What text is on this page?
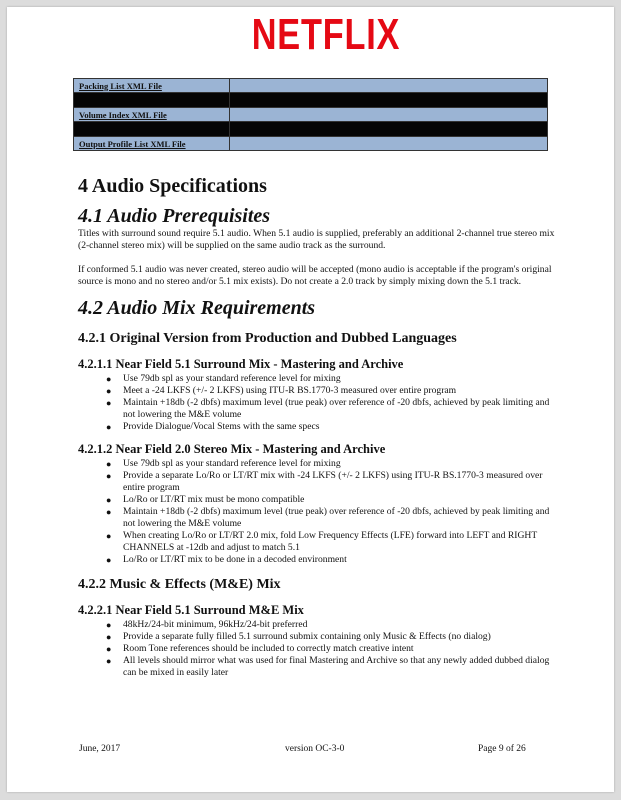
NETFLIX
Packing List XML File	

Volume Index XML File	

Output Profile List XML File	
4 Audio Specifications
4.1 Audio Prerequisites

Titles with surround sound require 5.1 audio. When 5.1 audio is supplied, preferably an additional 2-channel true stereo mix (2-channel stereo mix) will be supplied on the same audio track as the surround.

If conformed 5.1 audio was never created, stereo audio will be accepted (mono audio is acceptable if the program's original source is mono and no stereo and/or 5.1 mix exists). Do not create a 2.0 track by simply mixing down the 5.1 track.

4.2 Audio Mix Requirements
4.2.1 Original Version from Production and Dubbed Languages
4.2.1.1 Near Field 5.1 Surround Mix - Mastering and Archive
● Use 79db spl as your standard reference level for mixing
● Meet a -24 LKFS (+/- 2 LKFS) using ITU-R BS.1770-3 measured over entire program
● Maintain +18db (-2 dbfs) maximum level (true peak) over reference of -20 dbfs, achieved by peak limiting and not lowering the M&E volume
● Provide Dialogue/Vocal Stems with the same specs
4.2.1.2 Near Field 2.0 Stereo Mix - Mastering and Archive
● Use 79db spl as your standard reference level for mixing
● Provide a separate Lo/Ro or LT/RT mix with -24 LKFS (+/- 2 LKFS) using ITU-R BS.1770-3 measured over entire program
● Lo/Ro or LT/RT mix must be mono compatible
● Maintain +18db (-2 dbfs) maximum level (true peak) over reference of -20 dbfs, achieved by peak limiting and not lowering the M&E volume
● When creating Lo/Ro or LT/RT 2.0 mix, fold Low Frequency Effects (LFE) forward into LEFT and RIGHT CHANNELS at -12db and adjust to match 5.1
● Lo/Ro or LT/RT mix to be done in a decoded environment
4.2.2 Music & Effects (M&E) Mix
4.2.2.1 Near Field 5.1 Surround M&E Mix
● 48kHz/24-bit minimum, 96kHz/24-bit preferred
● Provide a separate fully filled 5.1 surround submix containing only Music & Effects (no dialog)
● Room Tone references should be included to correctly match creative intent
● All levels should mirror what was used for final Mastering and Archive so that any newly added dubbed dialog can be mixed in easily later
June, 2017	version OC-3-0	Page 9 of 26
